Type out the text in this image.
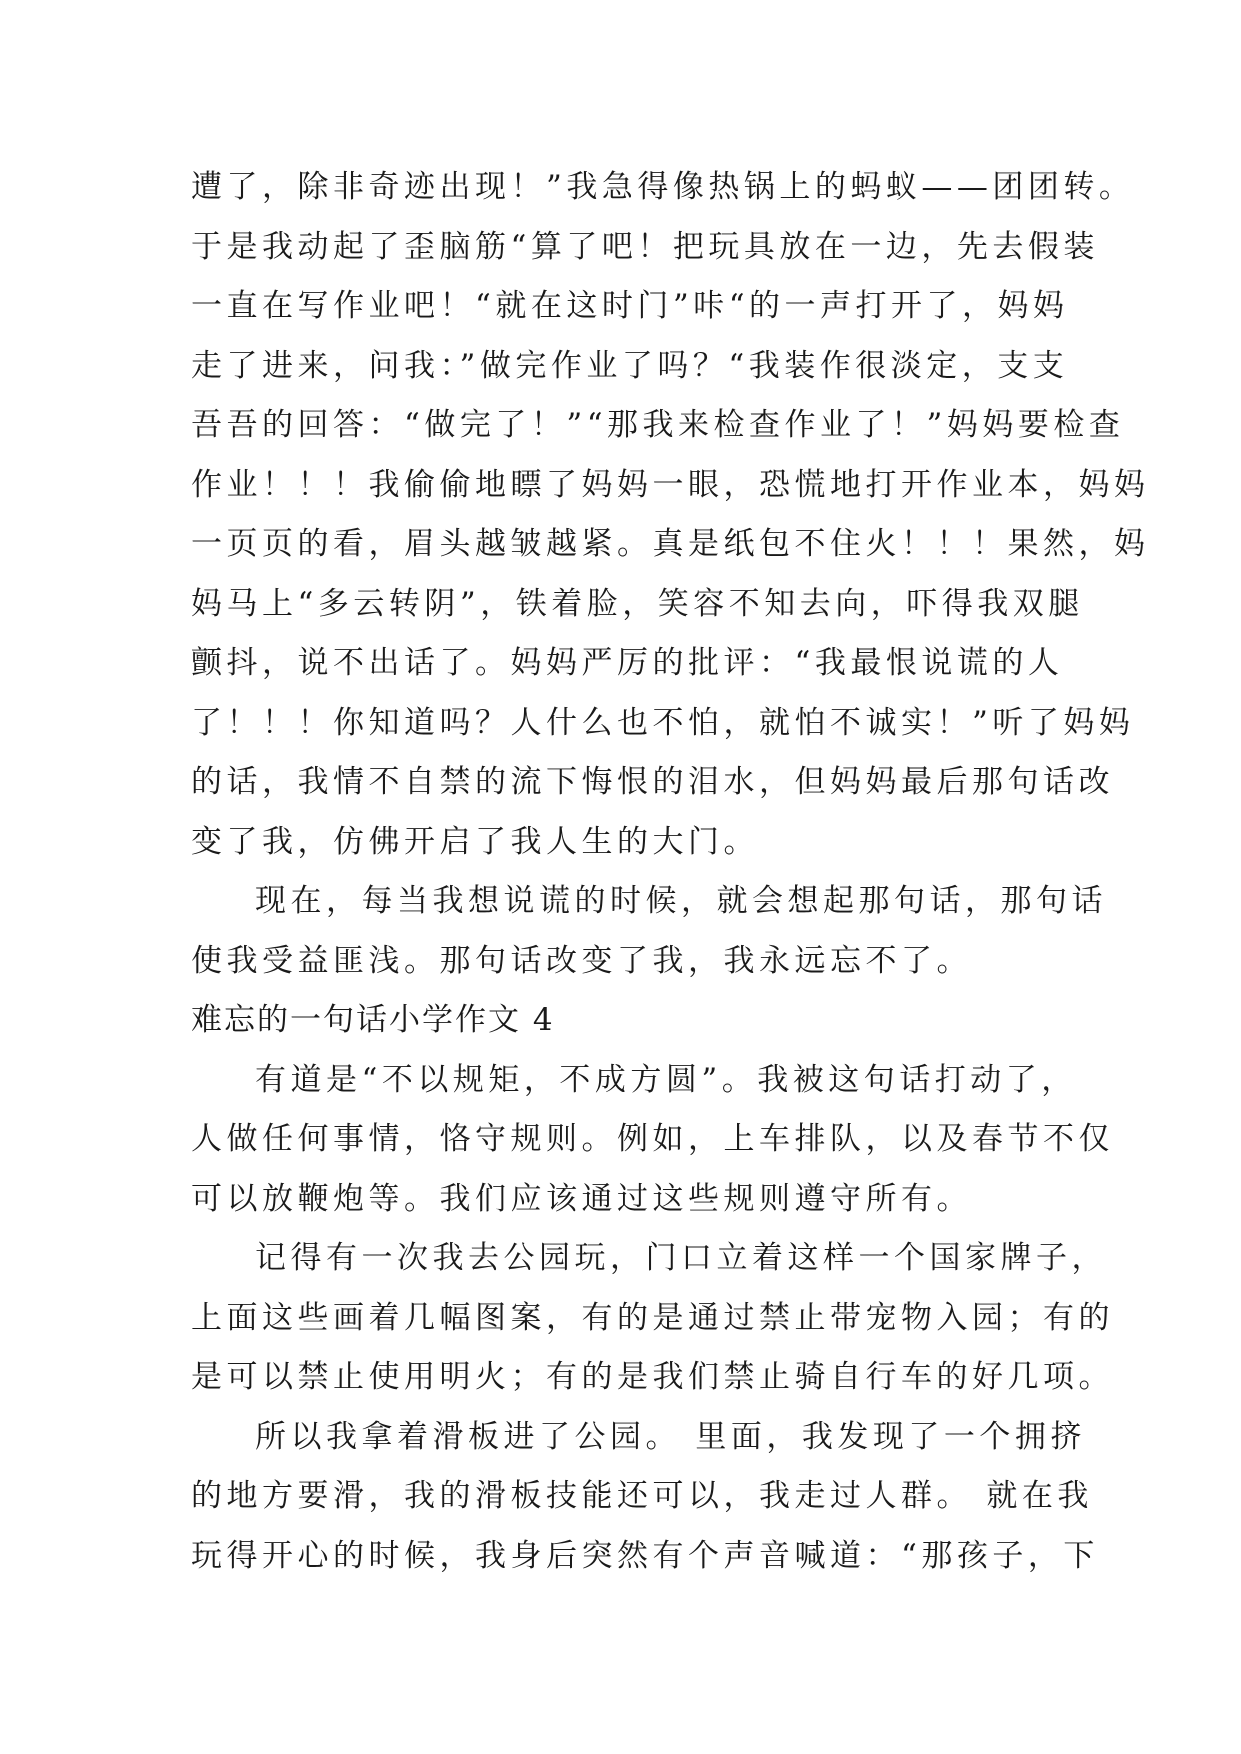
遭了，除非奇迹出现！”我急得像热锅上的蚂蚁——团团转。
于是我动起了歪脑筋“算了吧！把玩具放在一边，先去假装
一直在写作业吧！“就在这时门”咔“的一声打开了，妈妈
走了进来，问我：”做完作业了吗？“我装作很淡定，支支
吾吾的回答：“做完了！”“那我来检查作业了！”妈妈要检查
作业！！！我偷偷地瞟了妈妈一眼，恐慌地打开作业本，妈妈
一页页的看，眉头越皱越紧。真是纸包不住火！！！果然，妈
妈马上“多云转阴”，铁着脸，笑容不知去向，吓得我双腿
颤抖，说不出话了。妈妈严厉的批评：“我最恨说谎的人
了！！！你知道吗？人什么也不怕，就怕不诚实！”听了妈妈
的话，我情不自禁的流下悔恨的泪水，但妈妈最后那句话改
变了我，仿佛开启了我人生的大门。
现在，每当我想说谎的时候，就会想起那句话，那句话
使我受益匪浅。那句话改变了我，我永远忘不了。
难忘的一句话小学作文 4
有道是“不以规矩，不成方圆”。我被这句话打动了，
人做任何事情，恪守规则。例如，上车排队，以及春节不仅
可以放鞭炮等。我们应该通过这些规则遵守所有。
记得有一次我去公园玩，门口立着这样一个国家牌子，
上面这些画着几幅图案，有的是通过禁止带宠物入园；有的
是可以禁止使用明火；有的是我们禁止骑自行车的好几项。
所以我拿着滑板进了公园。 里面，我发现了一个拥挤
的地方要滑，我的滑板技能还可以，我走过人群。 就在我
玩得开心的时候，我身后突然有个声音喊道：“那孩子，下
